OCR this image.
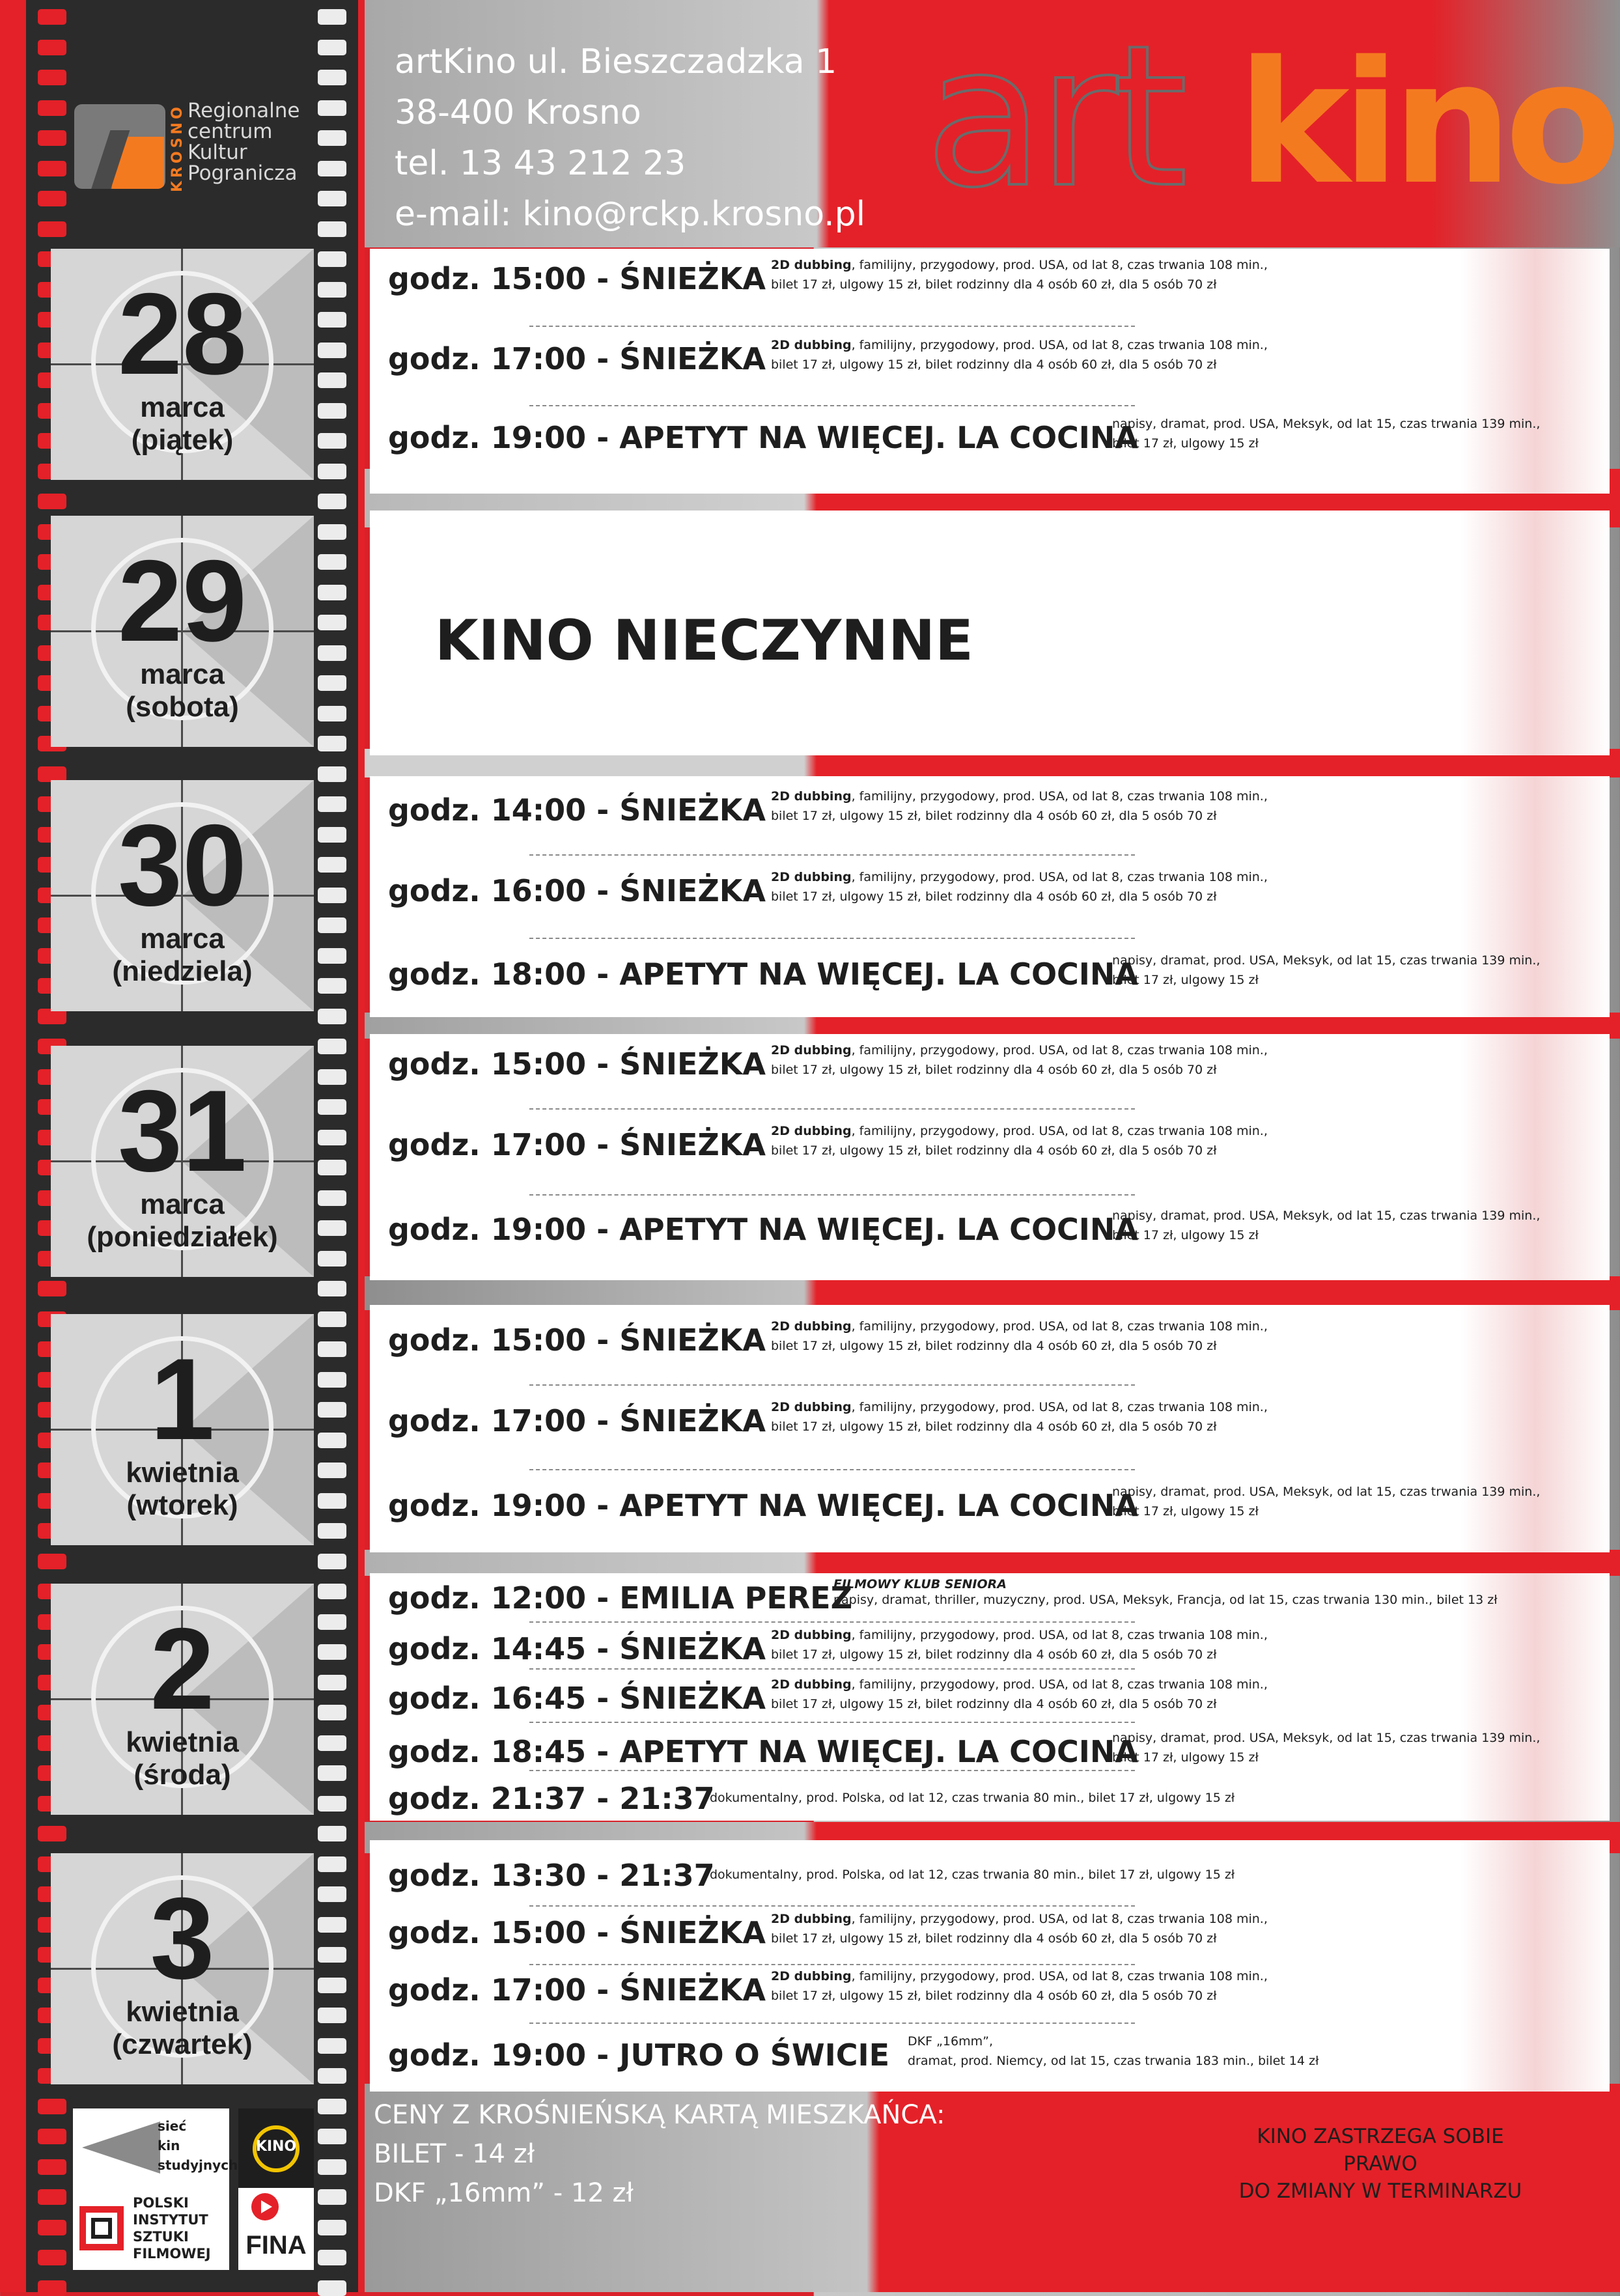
KROSNO Regionalne
centrum
Kultur
Pogranicza
28
marca
(piątek)
29
marca
(sobota)
30
marca
(niedziela)
31
marca
(poniedziałek)
1
kwietnia
(wtorek)
2
kwietnia
(środa)
3
kwietnia
(czwartek)
artKino ul. Bieszczadzka 1
38-400 Krosno
tel. 13 43 212 23
e-mail: kino@rckp.krosno.pl art kino
godz. 15:00 - ŚNIEŻKA 2D dubbing, familijny, przygodowy, prod. USA, od lat 8, czas trwania 108 min.,
bilet 17 zł, ulgowy 15 zł, bilet rodzinny dla 4 osób 60 zł, dla 5 osób 70 zł
godz. 17:00 - ŚNIEŻKA 2D dubbing, familijny, przygodowy, prod. USA, od lat 8, czas trwania 108 min.,
bilet 17 zł, ulgowy 15 zł, bilet rodzinny dla 4 osób 60 zł, dla 5 osób 70 zł
godz. 19:00 - APETYT NA WIĘCEJ. LA COCINA
napisy, dramat, prod. USA, Meksyk, od lat 15, czas trwania 139 min.,
bilet 17 zł, ulgowy 15 zł
KINO NIECZYNNE
godz. 14:00 - ŚNIEŻKA 2D dubbing, familijny, przygodowy, prod. USA, od lat 8, czas trwania 108 min.,
bilet 17 zł, ulgowy 15 zł, bilet rodzinny dla 4 osób 60 zł, dla 5 osób 70 zł
godz. 16:00 - ŚNIEŻKA 2D dubbing, familijny, przygodowy, prod. USA, od lat 8, czas trwania 108 min.,
bilet 17 zł, ulgowy 15 zł, bilet rodzinny dla 4 osób 60 zł, dla 5 osób 70 zł
godz. 18:00 - APETYT NA WIĘCEJ. LA COCINA
napisy, dramat, prod. USA, Meksyk, od lat 15, czas trwania 139 min.,
bilet 17 zł, ulgowy 15 zł
godz. 15:00 - ŚNIEŻKA 2D dubbing, familijny, przygodowy, prod. USA, od lat 8, czas trwania 108 min.,
bilet 17 zł, ulgowy 15 zł, bilet rodzinny dla 4 osób 60 zł, dla 5 osób 70 zł
godz. 17:00 - ŚNIEŻKA 2D dubbing, familijny, przygodowy, prod. USA, od lat 8, czas trwania 108 min.,
bilet 17 zł, ulgowy 15 zł, bilet rodzinny dla 4 osób 60 zł, dla 5 osób 70 zł
godz. 19:00 - APETYT NA WIĘCEJ. LA COCINA
napisy, dramat, prod. USA, Meksyk, od lat 15, czas trwania 139 min.,
bilet 17 zł, ulgowy 15 zł
godz. 15:00 - ŚNIEŻKA 2D dubbing, familijny, przygodowy, prod. USA, od lat 8, czas trwania 108 min.,
bilet 17 zł, ulgowy 15 zł, bilet rodzinny dla 4 osób 60 zł, dla 5 osób 70 zł
godz. 17:00 - ŚNIEŻKA 2D dubbing, familijny, przygodowy, prod. USA, od lat 8, czas trwania 108 min.,
bilet 17 zł, ulgowy 15 zł, bilet rodzinny dla 4 osób 60 zł, dla 5 osób 70 zł
godz. 19:00 - APETYT NA WIĘCEJ. LA COCINA
napisy, dramat, prod. USA, Meksyk, od lat 15, czas trwania 139 min.,
bilet 17 zł, ulgowy 15 zł
godz. 12:00 - EMILIA PEREZ
FILMOWY KLUB SENIORA
napisy, dramat, thriller, muzyczny, prod. USA, Meksyk, Francja, od lat 15, czas trwania 130 min., bilet 13 zł
godz. 14:45 - ŚNIEŻKA 2D dubbing, familijny, przygodowy, prod. USA, od lat 8, czas trwania 108 min.,
bilet 17 zł, ulgowy 15 zł, bilet rodzinny dla 4 osób 60 zł, dla 5 osób 70 zł
godz. 16:45 - ŚNIEŻKA 2D dubbing, familijny, przygodowy, prod. USA, od lat 8, czas trwania 108 min.,
bilet 17 zł, ulgowy 15 zł, bilet rodzinny dla 4 osób 60 zł, dla 5 osób 70 zł
godz. 18:45 - APETYT NA WIĘCEJ. LA COCINA
napisy, dramat, prod. USA, Meksyk, od lat 15, czas trwania 139 min.,
bilet 17 zł, ulgowy 15 zł
godz. 21:37 - 21:37
dokumentalny, prod. Polska, od lat 12, czas trwania 80 min., bilet 17 zł, ulgowy 15 zł
godz. 13:30 - 21:37
dokumentalny, prod. Polska, od lat 12, czas trwania 80 min., bilet 17 zł, ulgowy 15 zł
godz. 15:00 - ŚNIEŻKA 2D dubbing, familijny, przygodowy, prod. USA, od lat 8, czas trwania 108 min.,
bilet 17 zł, ulgowy 15 zł, bilet rodzinny dla 4 osób 60 zł, dla 5 osób 70 zł
godz. 17:00 - ŚNIEŻKA 2D dubbing, familijny, przygodowy, prod. USA, od lat 8, czas trwania 108 min.,
bilet 17 zł, ulgowy 15 zł, bilet rodzinny dla 4 osób 60 zł, dla 5 osób 70 zł
godz. 19:00 - JUTRO O ŚWICIE DKF „16mm”,
dramat, prod. Niemcy, od lat 15, czas trwania 183 min., bilet 14 zł
sieć
kin
studyjnych
KINO
POLSKI
INSTYTUT
SZTUKI
FILMOWEJ FINA
CENY Z KROŚNIEŃSKĄ KARTĄ MIESZKAŃCA:
BILET - 14 zł
DKF „16mm” - 12 zł
KINO ZASTRZEGA SOBIE PRAWO
DO ZMIANY W TERMINARZU
